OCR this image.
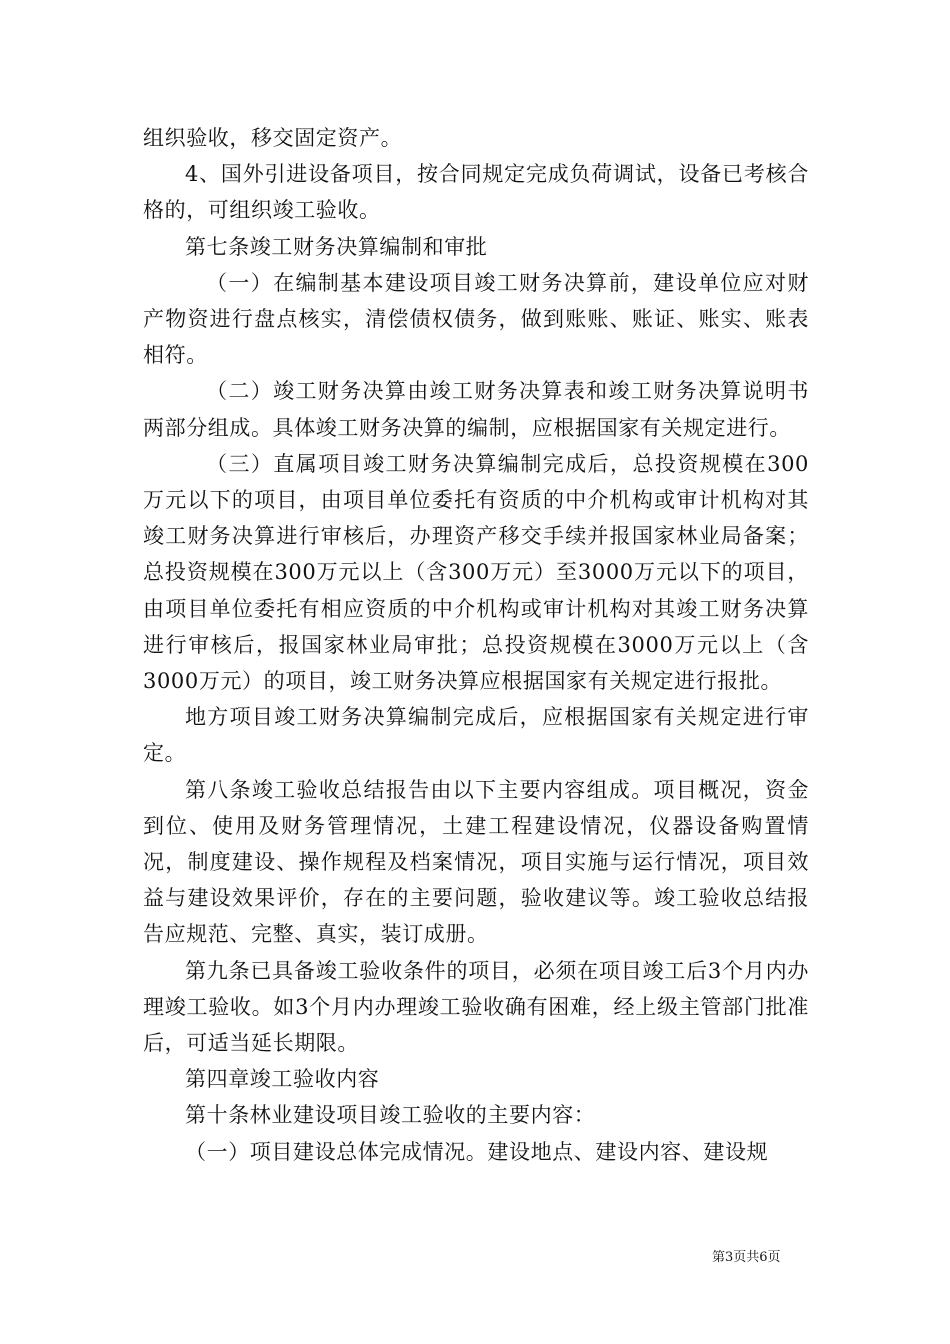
组织验收，移交固定资产。

4、国外引进设备项目，按合同规定完成负荷调试，设备已考核合格的，可组织竣工验收。

第七条竣工财务决算编制和审批

（一）在编制基本建设项目竣工财务决算前，建设单位应对财产物资进行盘点核实，清偿债权债务，做到账账、账证、账实、账表相符。

（二）竣工财务决算由竣工财务决算表和竣工财务决算说明书两部分组成。具体竣工财务决算的编制，应根据国家有关规定进行。

（三）直属项目竣工财务决算编制完成后，总投资规模在300万元以下的项目，由项目单位委托有资质的中介机构或审计机构对其竣工财务决算进行审核后，办理资产移交手续并报国家林业局备案；总投资规模在300万元以上（含300万元）至3000万元以下的项目，由项目单位委托有相应资质的中介机构或审计机构对其竣工财务决算进行审核后，报国家林业局审批；总投资规模在3000万元以上（含3000万元）的项目，竣工财务决算应根据国家有关规定进行报批。

地方项目竣工财务决算编制完成后，应根据国家有关规定进行审定。

第八条竣工验收总结报告由以下主要内容组成。项目概况，资金到位、使用及财务管理情况，土建工程建设情况，仪器设备购置情况，制度建设、操作规程及档案情况，项目实施与运行情况，项目效益与建设效果评价，存在的主要问题，验收建议等。竣工验收总结报告应规范、完整、真实，装订成册。

第九条已具备竣工验收条件的项目，必须在项目竣工后3个月内办理竣工验收。如3个月内办理竣工验收确有困难，经上级主管部门批准后，可适当延长期限。

第四章竣工验收内容

第十条林业建设项目竣工验收的主要内容：

（一）项目建设总体完成情况。建设地点、建设内容、建设规

第3页共6页
